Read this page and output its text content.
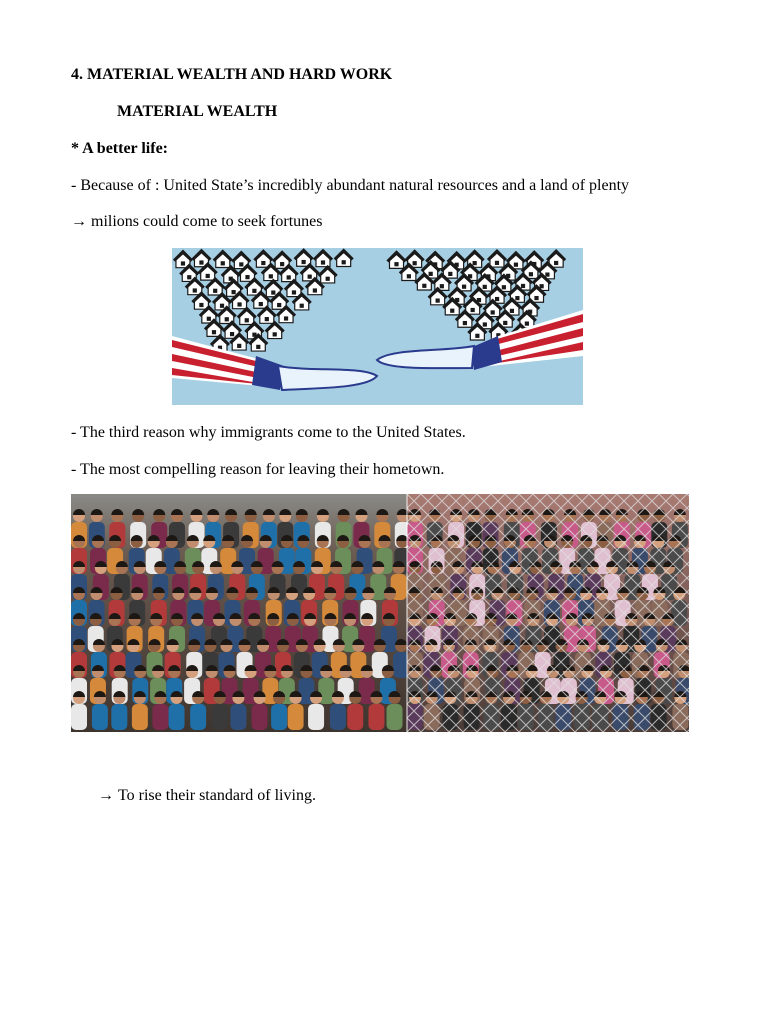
4. MATERIAL WEALTH AND HARD WORK
MATERIAL WEALTH
* A better life:
- Because of : United State’s incredibly abundant natural resources and a land of plenty
→ milions could come to seek fortunes
- The third reason why immigrants come to the United States.
- The most compelling reason for leaving their hometown.
→ To rise their standard of living.
